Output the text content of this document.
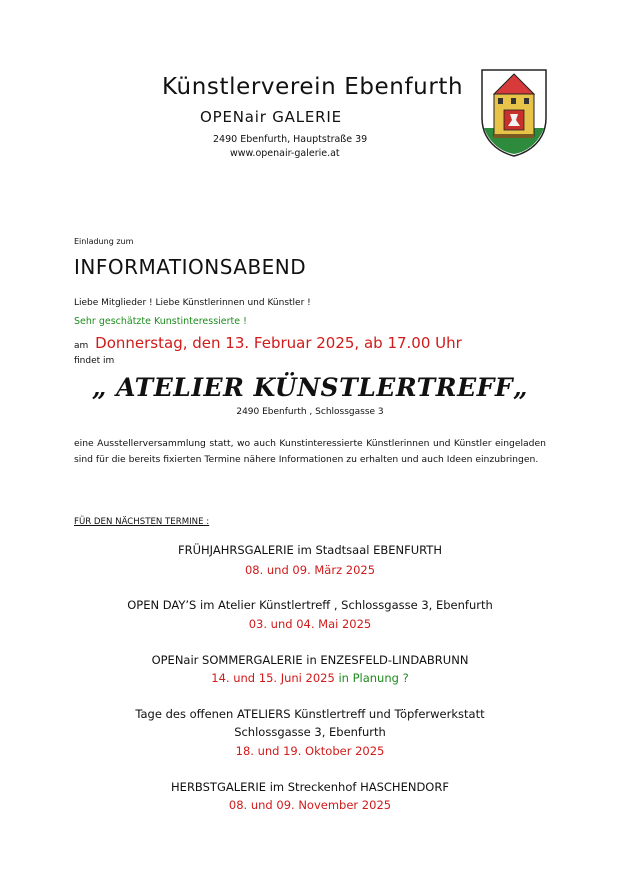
Künstlerverein Ebenfurth
OPENair GALERIE
2490 Ebenfurth, Hauptstraße 39
www.openair-galerie.at
Einladung zum
INFORMATIONSABEND
Liebe Mitglieder ! Liebe Künstlerinnen und Künstler !
Sehr geschätzte Kunstinteressierte !
am Donnerstag, den 13. Februar 2025, ab 17.00 Uhr
findet im
„ ATELIER KÜNSTLERTREFF„
2490 Ebenfurth , Schlossgasse 3
eine Ausstellerversammlung statt, wo auch Kunstinteressierte Künstlerinnen und Künstler eingeladen sind für die bereits fixierten Termine nähere Informationen zu erhalten und auch Ideen einzubringen.
FÜR DEN NÄCHSTEN TERMINE :
FRÜHJAHRSGALERIE im Stadtsaal EBENFURTH
08. und 09. März 2025
OPEN DAY’S im Atelier Künstlertreff , Schlossgasse 3, Ebenfurth
03. und 04. Mai 2025
OPENair SOMMERGALERIE in ENZESFELD-LINDABRUNN
14. und 15. Juni 2025 in Planung ?
Tage des offenen ATELIERS Künstlertreff und Töpferwerkstatt
Schlossgasse 3, Ebenfurth
18. und 19. Oktober 2025
HERBSTGALERIE im Streckenhof HASCHENDORF
08. und 09. November 2025
